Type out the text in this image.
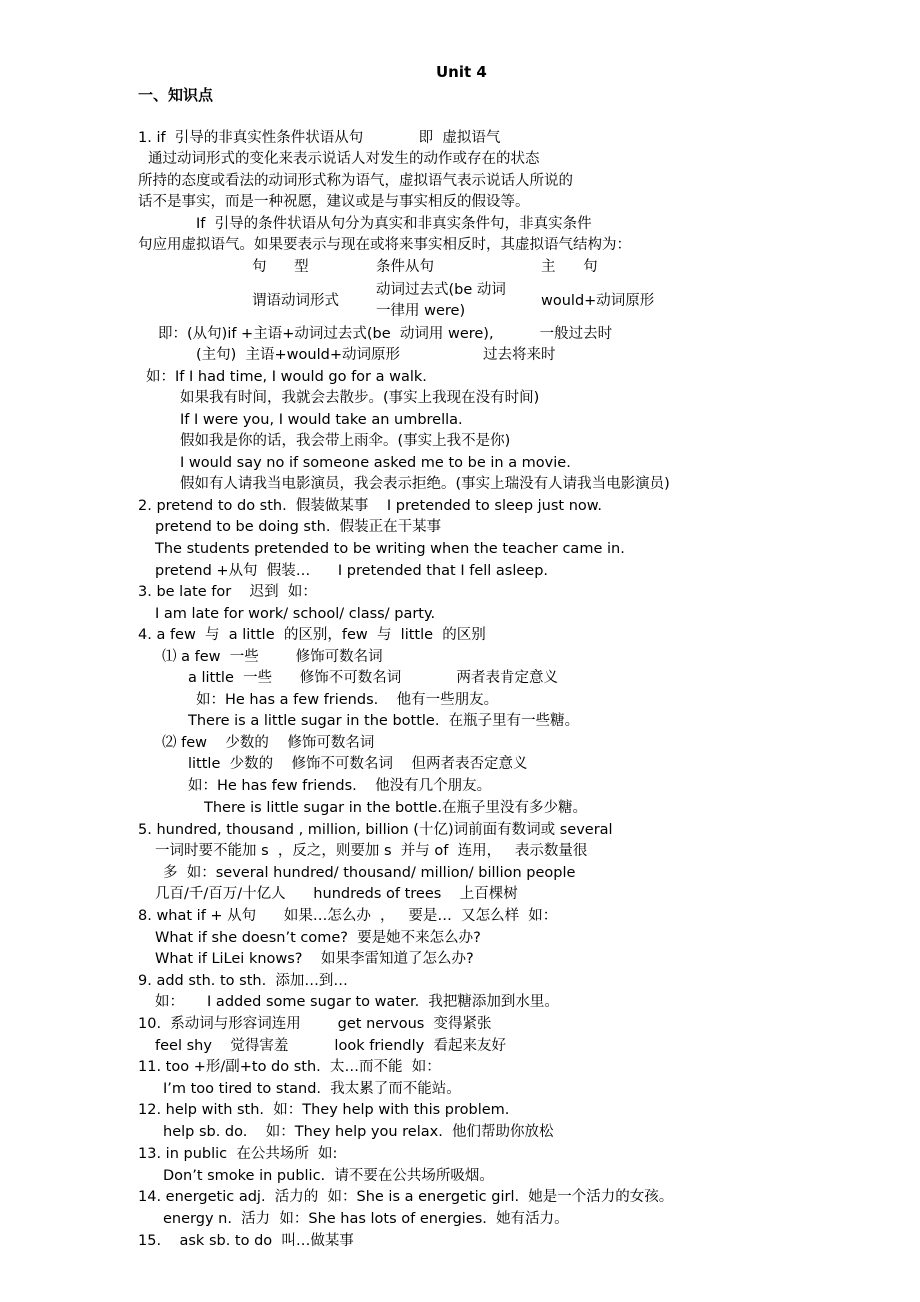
Unit 4
一、知识点
1. if  引导的非真实性条件状语从句            即  虚拟语气
通过动词形式的变化来表示说话人对发生的动作或存在的状态
所持的态度或看法的动词形式称为语气，虚拟语气表示说话人所说的
话不是事实，而是一种祝愿，建议或是与事实相反的假设等。
If  引导的条件状语从句分为真实和非真实条件句，非真实条件
句应用虚拟语气。如果要表示与现在或将来事实相反时，其虚拟语气结构为：
句      型	条件从句	主      句
谓语动词形式
动词过去式(be 动词
一律用 were)
would+动词原形
即：(从句)if +主语+动词过去式(be  动词用 were),          一般过去时
(主句)  主语+would+动词原形                  过去将来时
如：If I had time, I would go for a walk.
如果我有时间，我就会去散步。(事实上我现在没有时间)
If I were you, I would take an umbrella.
假如我是你的话，我会带上雨伞。(事实上我不是你)
I would say no if someone asked me to be in a movie.
假如有人请我当电影演员，我会表示拒绝。(事实上瑞没有人请我当电影演员)
2. pretend to do sth.  假装做某事    I pretended to sleep just now.
pretend to be doing sth.  假装正在干某事
The students pretended to be writing when the teacher came in.
pretend +从句  假装…      I pretended that I fell asleep.
3. be late for    迟到  如：
I am late for work/ school/ class/ party.
4. a few  与  a little  的区别，few  与  little  的区别
⑴ a few  一些        修饰可数名词
a little  一些      修饰不可数名词            两者表肯定意义
如：He has a few friends.    他有一些朋友。
There is a little sugar in the bottle.  在瓶子里有一些糖。
⑵ few    少数的    修饰可数名词
little  少数的    修饰不可数名词    但两者表否定意义
如：He has few friends.    他没有几个朋友。
There is little sugar in the bottle.在瓶子里没有多少糖。
5. hundred, thousand , million, billion (十亿)词前面有数词或 several
一词时要不能加 s  ，反之，则要加 s  并与 of  连用，   表示数量很
多  如：several hundred/ thousand/ million/ billion people
几百/千/百万/十亿人      hundreds of trees    上百棵树
8. what if + 从句      如果…怎么办  ，   要是…  又怎么样  如：
What if she doesn’t come?  要是她不来怎么办?
What if LiLei knows?    如果李雷知道了怎么办?
9. add sth. to sth.  添加…到…
如：     I added some sugar to water.  我把糖添加到水里。
10.  系动词与形容词连用        get nervous  变得紧张
feel shy    觉得害羞          look friendly  看起来友好
11. too +形/副+to do sth.  太…而不能  如：
I’m too tired to stand.  我太累了而不能站。
12. help with sth.  如：They help with this problem.
help sb. do.    如：They help you relax.  他们帮助你放松
13. in public  在公共场所  如:
Don’t smoke in public.  请不要在公共场所吸烟。
14. energetic adj.  活力的  如：She is a energetic girl.  她是一个活力的女孩。
energy n.  活力  如：She has lots of energies.  她有活力。
15.    ask sb. to do  叫…做某事
